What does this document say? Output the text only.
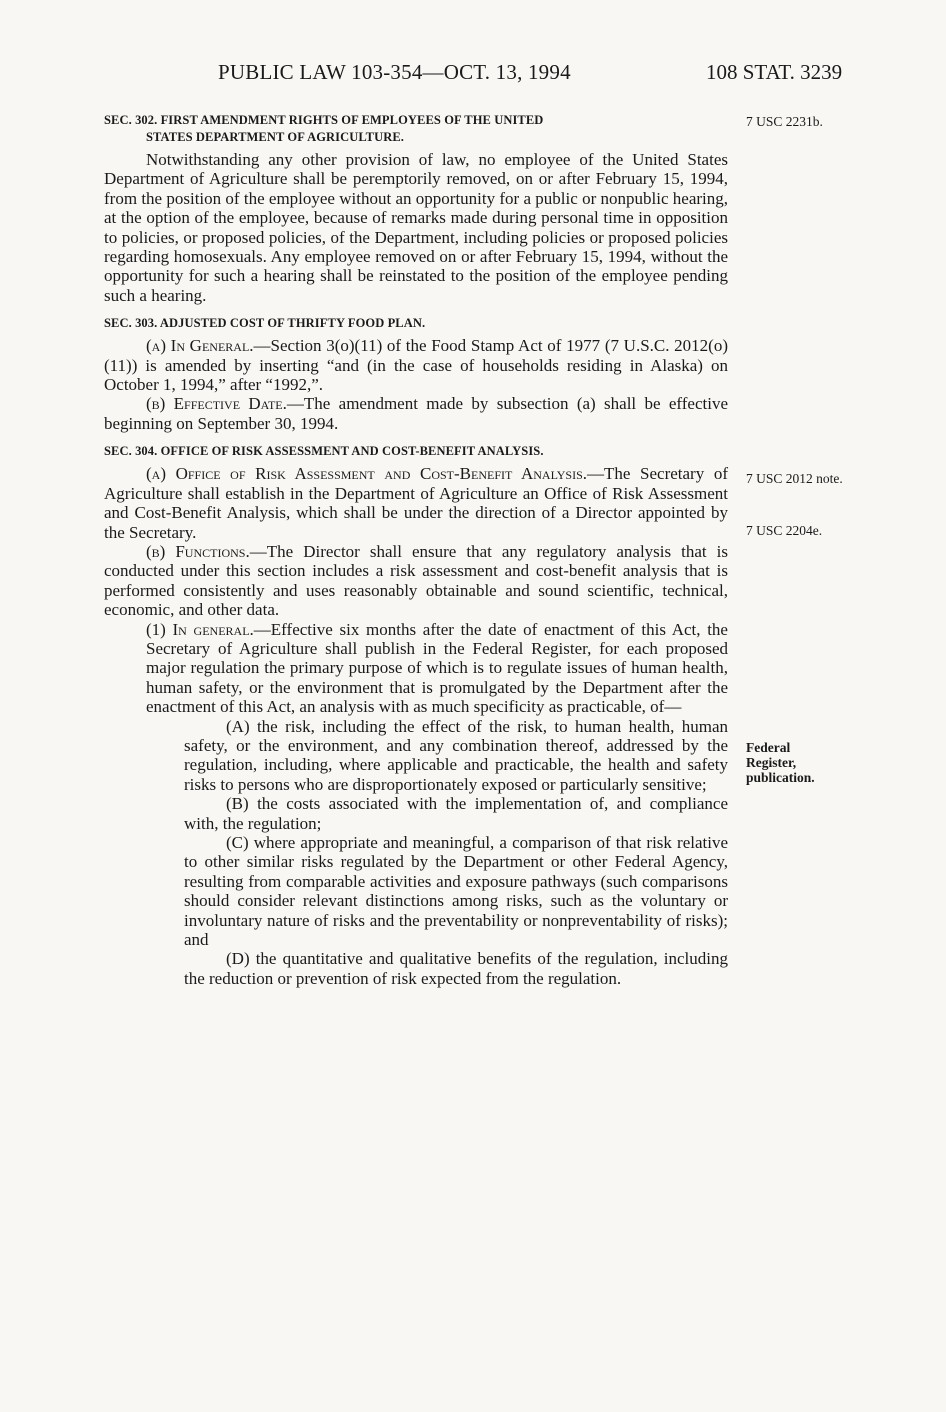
PUBLIC LAW 103-354—OCT. 13, 1994	108 STAT. 3239
7 USC 2231b.
7 USC 2012 note.
7 USC 2204e.
Federal
Register,
publication.
SEC. 302. FIRST AMENDMENT RIGHTS OF EMPLOYEES OF THE UNITED
STATES DEPARTMENT OF AGRICULTURE.

Notwithstanding any other provision of law, no employee of the United States Department of Agriculture shall be peremptorily removed, on or after February 15, 1994, from the position of the employee without an opportunity for a public or nonpublic hearing, at the option of the employee, because of remarks made during personal time in opposition to policies, or proposed policies, of the Department, including policies or proposed policies regarding homosexuals. Any employee removed on or after February 15, 1994, without the opportunity for such a hearing shall be reinstated to the position of the employee pending such a hearing.

SEC. 303. ADJUSTED COST OF THRIFTY FOOD PLAN.

(a) In General.—Section 3(o)(11) of the Food Stamp Act of 1977 (7 U.S.C. 2012(o)(11)) is amended by inserting “and (in the case of households residing in Alaska) on October 1, 1994,” after “1992,”.

(b) Effective Date.—The amendment made by subsection (a) shall be effective beginning on September 30, 1994.

SEC. 304. OFFICE OF RISK ASSESSMENT AND COST-BENEFIT ANALYSIS.

(a) Office of Risk Assessment and Cost-Benefit Analysis.—The Secretary of Agriculture shall establish in the Department of Agriculture an Office of Risk Assessment and Cost-Benefit Analysis, which shall be under the direction of a Director appointed by the Secretary.

(b) Functions.—The Director shall ensure that any regulatory analysis that is conducted under this section includes a risk assessment and cost-benefit analysis that is performed consistently and uses reasonably obtainable and sound scientific, technical, economic, and other data.

(1) In general.—Effective six months after the date of enactment of this Act, the Secretary of Agriculture shall publish in the Federal Register, for each proposed major regulation the primary purpose of which is to regulate issues of human health, human safety, or the environment that is promulgated by the Department after the enactment of this Act, an analysis with as much specificity as practicable, of—

(A) the risk, including the effect of the risk, to human health, human safety, or the environment, and any combination thereof, addressed by the regulation, including, where applicable and practicable, the health and safety risks to persons who are disproportionately exposed or particularly sensitive;

(B) the costs associated with the implementation of, and compliance with, the regulation;

(C) where appropriate and meaningful, a comparison of that risk relative to other similar risks regulated by the Department or other Federal Agency, resulting from comparable activities and exposure pathways (such comparisons should consider relevant distinctions among risks, such as the voluntary or involuntary nature of risks and the preventability or nonpreventability of risks); and

(D) the quantitative and qualitative benefits of the regulation, including the reduction or prevention of risk expected from the regulation.
